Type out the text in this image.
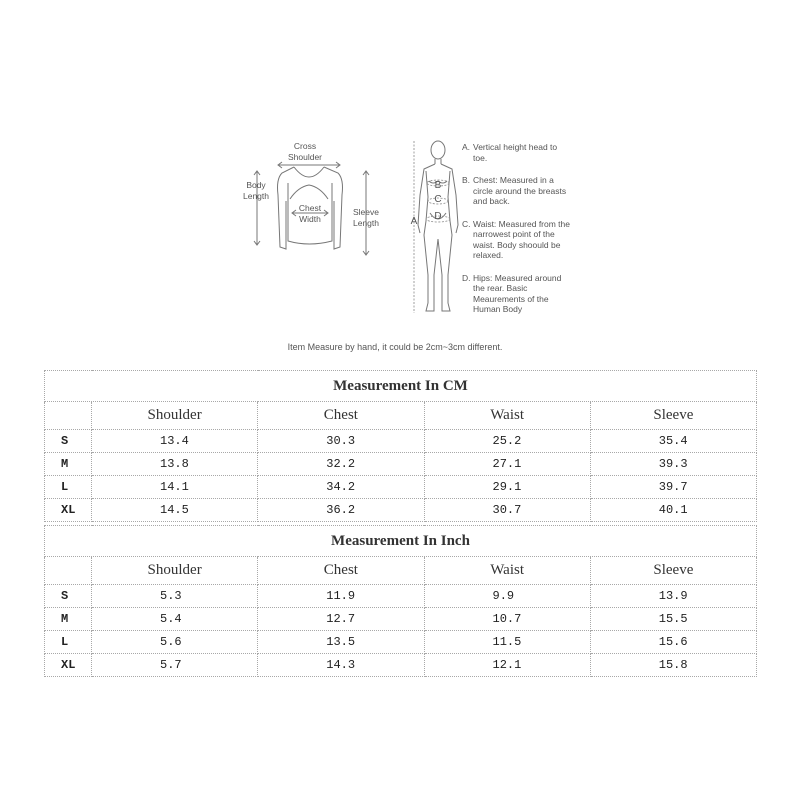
Cross
Shoulder
Body
Length
Chest
Width
Sleeve
Length	A
B
C
D
A. Vertical height head to toe.
B. Chest: Measured in a circle around the breasts and back.
C. Waist: Measured from the narrowest point of the waist. Body shoould be relaxed.
D. Hips: Measured around the rear. Basic Meaurements of the Human Body
Item Measure by hand, it could be 2cm~3cm different.
Measurement In CM				
	Shoulder	Chest	Waist	Sleeve
S	13.4	30.3	25.2	35.4
M	13.8	32.2	27.1	39.3
L	14.1	34.2	29.1	39.7
XL	14.5	36.2	30.7	40.1
Measurement In Inch				
	Shoulder	Chest	Waist	Sleeve
S	5.3	11.9	9.9	13.9
M	5.4	12.7	10.7	15.5
L	5.6	13.5	11.5	15.6
XL	5.7	14.3	12.1	15.8
